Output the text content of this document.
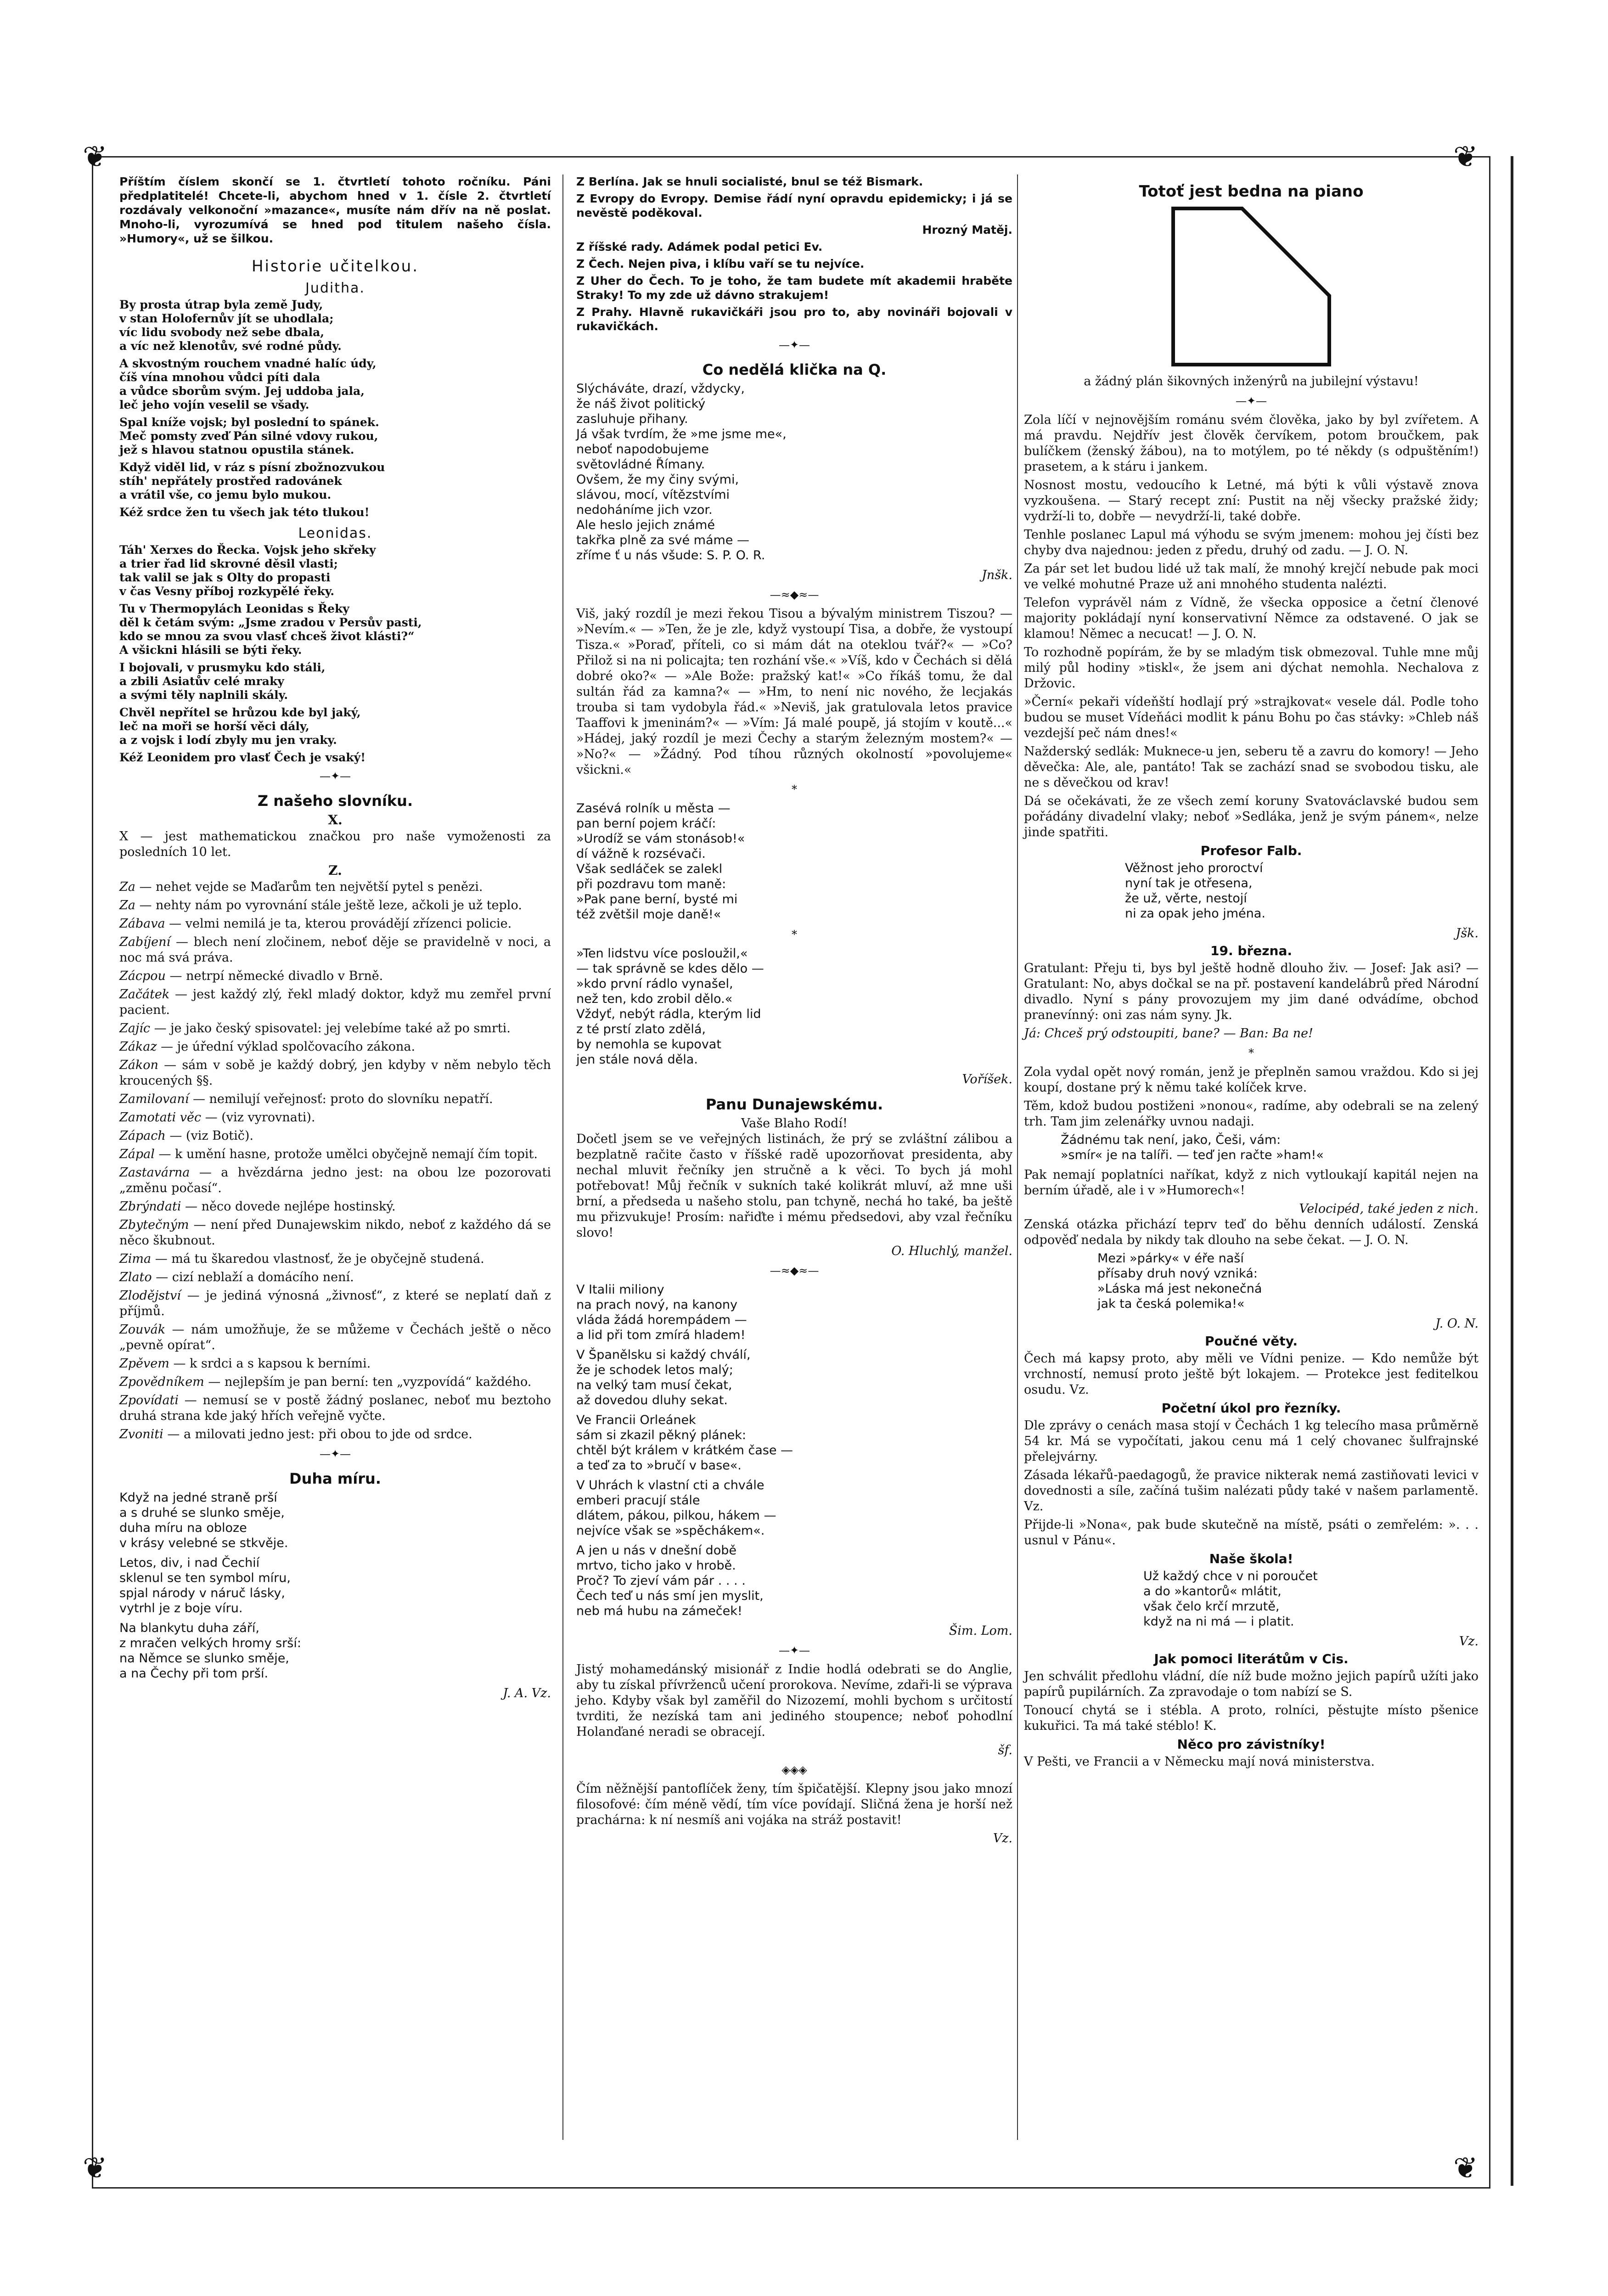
❦	❦
❦	❦

Příštím číslem skončí se 1. čtvrtletí tohoto ročníku. Páni předplatitelé! Chcete-li, abychom hned v 1. čísle 2. čtvrtletí rozdávaly velkonoční »mazance«, musíte nám dřív na ně poslat. Mnoho-li, vyrozumívá se hned pod titulem našeho čísla. »Humory«, už se šilkou.

Historie učitelkou.
Juditha.
By prosta útrap byla země Judy,
v stan Holofernův jít se uhodlala;
víc lidu svobody než sebe dbala,
a víc než klenotův, své rodné půdy.
A skvostným rouchem vnadné halíc údy,
číš vína mnohou vůdci píti dala
a vůdce sborům svým. Jej uddoba jala,
leč jeho vojín veselil se všady.
Spal kníže vojsk; byl poslední to spánek.
Meč pomsty zveď Pán silné vdovy rukou,
jež s hlavou statnou opustila stánek.
Když viděl lid, v ráz s písní zbožnozvukou
stíh' nepřátely prostřed radovánek
a vrátil vše, co jemu bylo mukou.
Kéž srdce žen tu všech jak této tlukou!
Leonidas.
Táh' Xerxes do Řecka. Vojsk jeho skřeky
a trier řad lid skrovné děsil vlasti;
tak valil se jak s Olty do propasti
v čas Vesny příboj rozkypělé řeky.
Tu v Thermopylách Leonidas s Řeky
děl k četám svým: „Jsme zradou v Persův pasti,
kdo se mnou za svou vlasť chceš život klásti?“
A všickni hlásili se býti řeky.
I bojovali, v prusmyku kdo stáli,
a zbili Asiatův celé mraky
a svými těly naplnili skály.
Chvěl nepřítel se hrůzou kde byl jaký,
leč na moři se horší věci dály,
a z vojsk i lodí zbyly mu jen vraky.
Kéž Leonidem pro vlasť Čech je vsaký!
—✦—
Z našeho slovníku.
X.

X — jest mathematickou značkou pro naše vymoženosti za posledních 10 let.

Z.

Za — nehet vejde se Maďarům ten největší pytel s penězi.

Za — nehty nám po vyrovnání stále ještě leze, ačkoli je už teplo.

Zábava — velmi nemilá je ta, kterou provádějí zřízenci policie.

Zabíjení — blech není zločinem, neboť děje se pravidelně v noci, a noc má svá práva.

Zácpou — netrpí německé divadlo v Brně.

Začátek — jest každý zlý, řekl mladý doktor, když mu zemřel první pacient.

Zajíc — je jako český spisovatel: jej velebíme také až po smrti.

Zákaz — je úřední výklad spolčovacího zákona.

Zákon — sám v sobě je každý dobrý, jen kdyby v něm nebylo těch kroucených §§.

Zamilovaní — nemilují veřejnosť: proto do slovníku nepatří.

Zamotati věc — (viz vyrovnati).

Zápach — (viz Botič).

Zápal — k umění hasne, protože umělci obyčejně nemají čím topit.

Zastavárna — a hvězdárna jedno jest: na obou lze pozorovati „změnu počasí“.

Zbrýndati — něco dovede nejlépe hostinský.

Zbytečným — není před Dunajewskim nikdo, neboť z každého dá se něco škubnout.

Zima — má tu škaredou vlastnosť, že je obyčejně studená.

Zlato — cizí neblaží a domácího není.

Zlodějství — je jediná výnosná „živnosť“, z které se neplatí daň z příjmů.

Zouvák — nám umožňuje, že se můžeme v Čechách ještě o něco „pevně opírat“.

Zpěvem — k srdci a s kapsou k berními.

Zpovědníkem — nejlepším je pan berní: ten „vyzpovídá“ každého.

Zpovídati — nemusí se v postě žádný poslanec, neboť mu beztoho druhá strana kde jaký hřích veřejně vyčte.

Zvoniti — a milovati jedno jest: při obou to jde od srdce.

—✦—
Duha míru.
Když na jedné straně prší
a s druhé se slunko směje,
duha míru na obloze
v krásy velebné se stkvěje.
Letos, div, i nad Čechií
sklenul se ten symbol míru,
spjal národy v náruč lásky,
vytrhl je z boje víru.
Na blankytu duha září,
z mračen velkých hromy srší:
na Němce se slunko směje,
a na Čechy při tom prší.
J. A. Vz.

Z Berlína. Jak se hnuli socialisté, bnul se též Bismark.

Z Evropy do Evropy. Demise řádí nyní opravdu epidemicky; i já se nevěstě poděkoval.

Hrozný Matěj.

Z říšské rady. Adámek podal petici Ev.

Z Čech. Nejen piva, i klíbu vaří se tu nejvíce.

Z Uher do Čech. To je toho, že tam budete mít akademii hraběte Straky! To my zde už dávno strakujem!

Z Prahy. Hlavně rukavičkáři jsou pro to, aby novináři bojovali v rukavičkách.

—✦—
Co nedělá klička na Q.
Slýcháváte, drazí, vždycky,
že náš život politický
zasluhuje přihany.
Já však tvrdím, že »me jsme me«,
neboť napodobujeme
světovládné Římany.
Ovšem, že my činy svými,
slávou, mocí, vítězstvími
nedoháníme jich vzor.
Ale heslo jejich známé
takřka plně za své máme —
zříme ť u nás všude: S. P. O. R.
Jnšk.
—≈◆≈—

Viš, jaký rozdíl je mezi řekou Tisou a bývalým ministrem Tiszou? — »Nevím.« — »Ten, že je zle, když vystoupí Tisa, a dobře, že vystoupí Tisza.« »Poraď, příteli, co si mám dát na oteklou tvář?« — »Co? Přilož si na ni policajta; ten rozhání vše.« »Víš, kdo v Čechách si dělá dobré oko?« — »Ale Bože: pražský kat!« »Co říkáš tomu, že dal sultán řád za kamna?« — »Hm, to není nic nového, že lecjakás trouba si tam vydobyla řád.« »Neviš, jak gratulovala letos pravice Taaffovi k jmeninám?« — »Vím: Já malé poupě, já stojím v koutě...« »Hádej, jaký rozdíl je mezi Čechy a starým železným mostem?« — »No?« — »Žádný. Pod tíhou různých okolností »povolujeme« všickni.«

*
Zasévá rolník u města —
pan berní pojem kráčí:
»Urodíž se vám stonásob!«
dí vážně k rozsévači.
Však sedláček se zalekl
při pozdravu tom maně:
»Pak pane berní, bysté mi
též zvětšil moje daně!«
*
»Ten lidstvu více posloužil,«
— tak správně se kdes dělo —
»kdo první rádlo vynašel,
než ten, kdo zrobil dělo.«
Vždyť, nebýt rádla, kterým lid
z té prstí zlato zdělá,
by nemohla se kupovat
jen stále nová děla.
Voříšek.
Panu Dunajewskému.
Vaše Blaho Rodí!

Dočetl jsem se ve veřejných listinách, že prý se zvláštní zálibou a bezplatně račite často v říšské radě upozorňovat presidenta, aby nechal mluvit řečníky jen stručně a k věci. To bych já mohl potřebovat! Můj řečník v sukních také kolikrát mluví, až mne uši brní, a předseda u našeho stolu, pan tchyně, nechá ho také, ba ještě mu přizvukuje! Prosím: nařiďte i mému předsedovi, aby vzal řečníku slovo!

O. Hluchlý, manžel.
—≈◆≈—
V Italii miliony
na prach nový, na kanony
vláda žádá horempádem —
a lid při tom zmírá hladem!
V Španělsku si každý chválí,
že je schodek letos malý;
na velký tam musí čekat,
až dovedou dluhy sekat.
Ve Francii Orleánek
sám si zkazil pěkný plánek:
chtěl být králem v krátkém čase —
a teď za to »bručí v base«.
V Uhrách k vlastní cti a chvále
emberi pracují stále
dlátem, pákou, pilkou, hákem —
nejvíce však se »spěchákem«.
A jen u nás v dnešní době
mrtvo, ticho jako v hrobě.
Proč? To zjeví vám pár . . . .
Čech teď u nás smí jen myslit,
neb má hubu na zámeček!
Šim. Lom.
—✦—

Jistý mohamedánský misionář z Indie hodlá odebrati se do Anglie, aby tu získal přívrženců učení prorokova. Nevíme, zdaři-li se výprava jeho. Kdyby však byl zaměřil do Nizozemí, mohli bychom s určitostí tvrditi, že nezíská tam ani jediného stoupence; neboť pohodlní Holanďané neradi se obracejí.

šf.
◈◈◈

Čím něžnější pantoflíček ženy, tím špičatější. Klepny jsou jako mnozí filosofové: čím méně vědí, tím více povídají. Sličná žena je horší než prachárna: k ní nesmíš ani vojáka na stráž postavit!

Vz.
Totoť jest bedna na piano

a žádný plán šikovných inženýrů na jubilejní výstavu!

—✦—

Zola líčí v nejnovějším románu svém člověka, jako by byl zvířetem. A má pravdu. Nejdřív jest člověk červíkem, potom broučkem, pak bulíčkem (ženský žábou), na to motýlem, po té někdy (s odpuštěním!) prasetem, a k stáru i jankem.

Nosnost mostu, vedoucího k Letné, má býti k vůli výstavě znova vyzkoušena. — Starý recept zní: Pustit na něj všecky pražské židy; vydrží-li to, dobře — nevydrží-li, také dobře.

Tenhle poslanec Lapul má výhodu se svým jmenem: mohou jej čísti bez chyby dva najednou: jeden z předu, druhý od zadu. — J. O. N.

Za pár set let budou lidé už tak malí, že mnohý krejčí nebude pak moci ve velké mohutné Praze už ani mnohého studenta nalézti.

Telefon vyprávěl nám z Vídně, že všecka opposice a četní členové majority pokládají nyní konservativní Němce za odstavené. O jak se klamou! Němec a necucat! — J. O. N.

To rozhodně popírám, že by se mladým tisk obmezoval. Tuhle mne můj milý půl hodiny »tiskl«, že jsem ani dýchat nemohla. Nechalova z Držovic.

»Černí« pekaři vídeňští hodlají prý »strajkovat« vesele dál. Podle toho budou se muset Vídeňáci modlit k pánu Bohu po čas stávky: »Chleb náš vezdejší peč nám dnes!«

Nažderský sedlák: Muknece-u jen, seberu tě a zavru do komory! — Jeho děvečka: Ale, ale, pantáto! Tak se zachází snad se svobodou tisku, ale ne s děvečkou od krav!

Dá se očekávati, že ze všech zemí koruny Svatováclavské budou sem pořádány divadelní vlaky; neboť »Sedláka, jenž je svým pánem«, nelze jinde spatřiti.

Profesor Falb.
Věžnost jeho proroctví
nyní tak je otřesena,
že už, věrte, nestojí
ni za opak jeho jména.
Jšk.
19. března.

Gratulant: Přeju ti, bys byl ještě hodně dlouho živ. — Josef: Jak asi? — Gratulant: No, abys dočkal se na př. postavení kandelábrů před Národní divadlo. Nyní s pány provozujem my jim dané odvádíme, obchod pranevínný: oni zas nám syny. Jk.

Já: Chceš prý odstoupiti, bane? — Ban: Ba ne!

*

Zola vydal opět nový román, jenž je přeplněn samou vraždou. Kdo si jej koupí, dostane prý k němu také kolíček krve.

Těm, kdož budou postiženi »nonou«, radíme, aby odebrali se na zelený trh. Tam jim zelenářky uvnou nadaji.

Žádnému tak není, jako, Češi, vám:
»smír« je na talíři. — teď jen račte »ham!«

Pak nemají poplatníci naříkat, když z nich vytloukají kapitál nejen na berním úřadě, ale i v »Humorech«!

Velocipéd, také jeden z nich.

Zenská otázka přichází teprv teď do běhu denních událostí. Zenská odpověď nedala by nikdy tak dlouho na sebe čekat. — J. O. N.

Mezi »párky« v éře naší
přísaby druh nový vzniká:
»Láska má jest nekonečná
jak ta česká polemika!«
J. O. N.
Poučné věty.

Čech má kapsy proto, aby měli ve Vídni penize. — Kdo nemůže být vrchností, nemusí proto ještě být lokajem. — Protekce jest feditelkou osudu. Vz.

Početní úkol pro řezníky.

Dle zprávy o cenách masa stojí v Čechách 1 kg telecího masa průměrně 54 kr. Má se vypočítati, jakou cenu má 1 celý chovanec šulfrajnské přelejvárny.

Zásada lékařů-paedagogů, že pravice nikterak nemá zastiňovati levici v dovednosti a síle, začíná tušim nalézati půdy také v našem parlamentě. Vz.

Přijde-li »Nona«, pak bude skutečně na místě, psáti o zemřelém: ». . . usnul v Pánu«.

Naše škola!
Už každý chce v ni poroučet
a do »kantorů« mlátit,
však čelo krčí mrzutě,
když na ni má — i platit.
Vz.
Jak pomoci literátům v Cis.

Jen schválit předlohu vládní, díe níž bude možno jejich papírů užíti jako papírů pupilárních. Za zpravodaje o tom nabízí se S.

Tonoucí chytá se i stébla. A proto, rolníci, pěstujte místo pšenice kukuřici. Ta má také stéblo! K.

Něco pro závistníky!

V Pešti, ve Francii a v Německu mají nová ministerstva.
